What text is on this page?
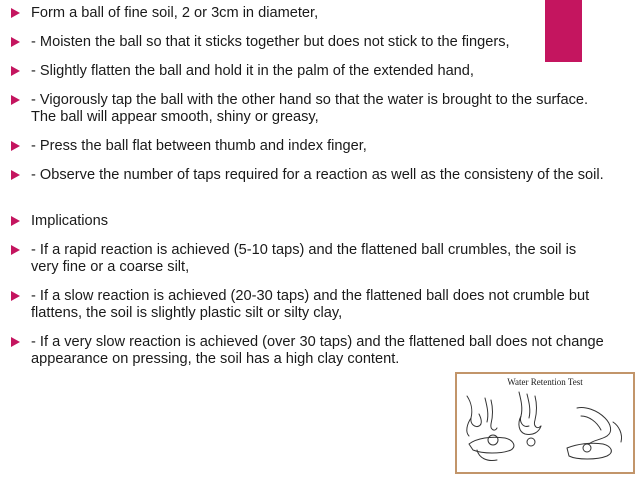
Form a ball of fine soil, 2 or 3cm in diameter,
- Moisten the ball so that it sticks together but does not stick to the fingers,
- Slightly flatten the ball and hold it in the palm of the extended hand,
- Vigorously tap the ball with the other hand so that the water is brought to the surface. The ball will appear smooth, shiny or greasy,
- Press the ball flat between thumb and index finger,
- Observe the number of taps required for a reaction as well as the consisteny of the soil.
Implications
- If a rapid reaction is achieved (5-10 taps) and the flattened ball crumbles, the soil is very fine or a coarse silt,
- If a slow reaction is achieved (20-30 taps) and the flattened ball does not crumble but flattens, the soil is slightly plastic silt or silty clay,
- If a very slow reaction is achieved (over 30 taps) and the flattened ball does not change appearance on pressing, the soil has a high clay content.
Water Retention Test
